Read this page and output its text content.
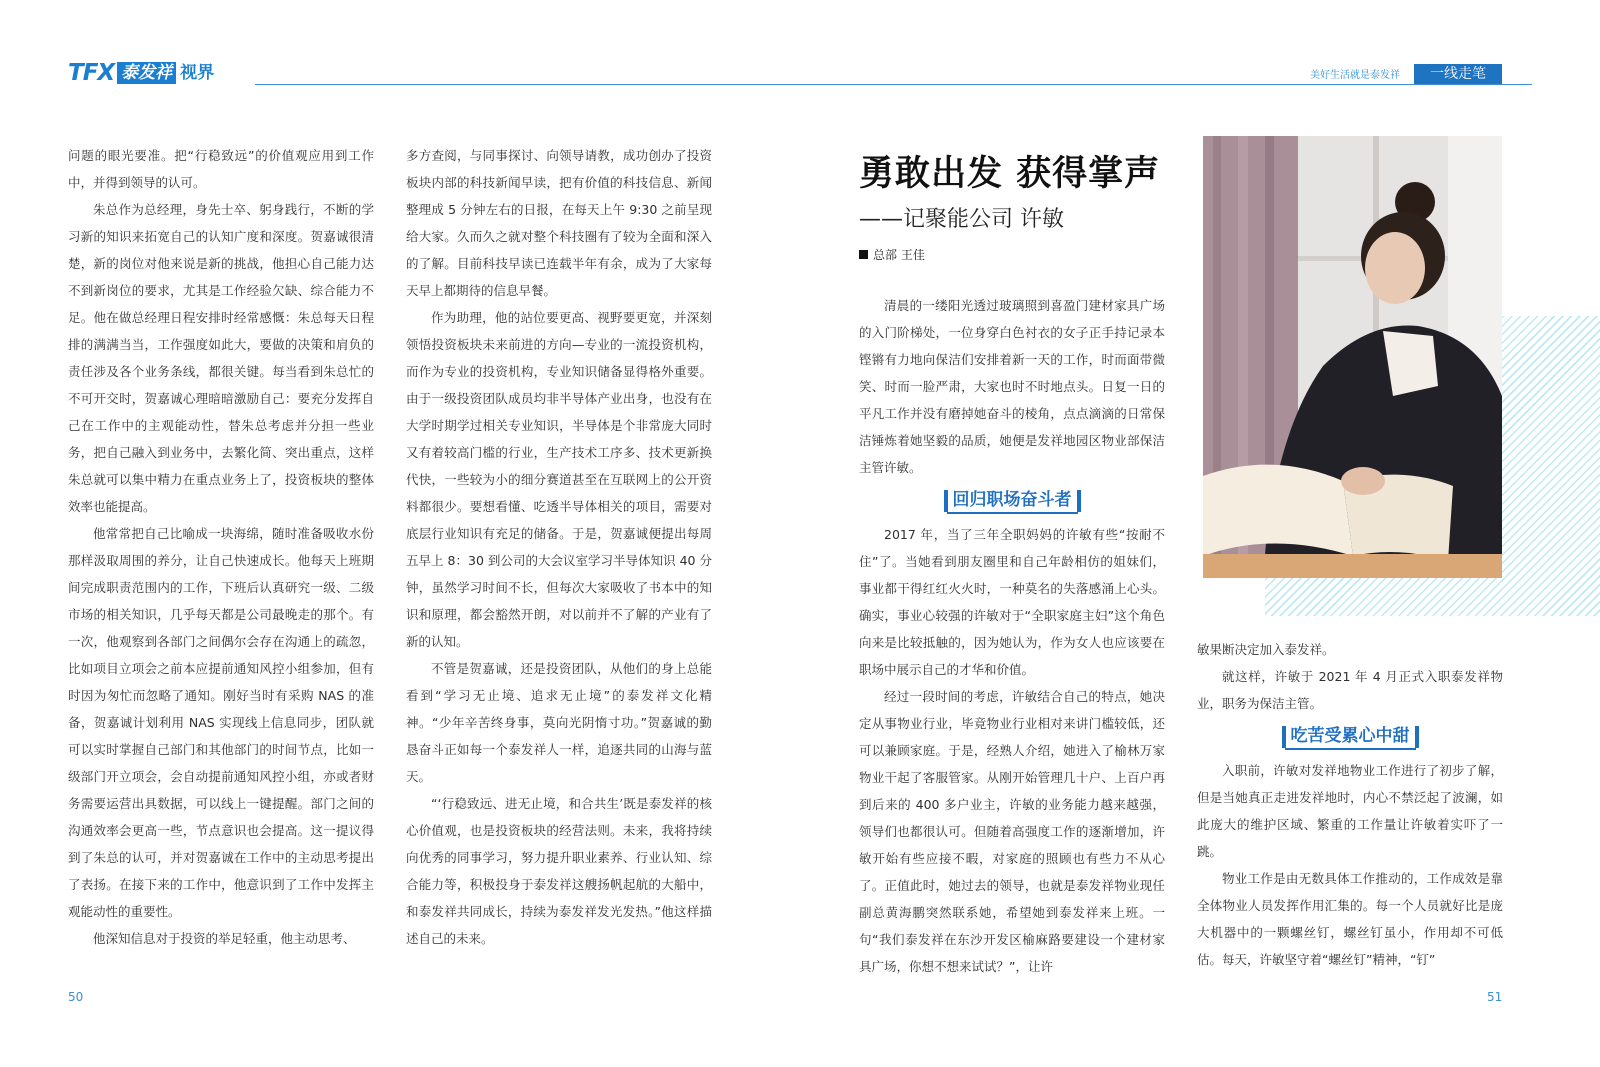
TFX 泰发祥 视界	美好生活就是泰发祥	一线走笔

问题的眼光要准。把“行稳致远”的价值观应用到工作中，并得到领导的认可。

朱总作为总经理，身先士卒、躬身践行，不断的学习新的知识来拓宽自己的认知广度和深度。贺嘉诚很清楚，新的岗位对他来说是新的挑战，他担心自己能力达不到新岗位的要求，尤其是工作经验欠缺、综合能力不足。他在做总经理日程安排时经常感慨：朱总每天日程排的满满当当，工作强度如此大，要做的决策和肩负的责任涉及各个业务条线，都很关键。每当看到朱总忙的不可开交时，贺嘉诚心理暗暗激励自己：要充分发挥自己在工作中的主观能动性，替朱总考虑并分担一些业务，把自己融入到业务中，去繁化简、突出重点，这样朱总就可以集中精力在重点业务上了，投资板块的整体效率也能提高。

他常常把自己比喻成一块海绵，随时准备吸收水份那样汲取周围的养分，让自己快速成长。他每天上班期间完成职责范围内的工作，下班后认真研究一级、二级市场的相关知识，几乎每天都是公司最晚走的那个。有一次，他观察到各部门之间偶尔会存在沟通上的疏忽，比如项目立项会之前本应提前通知风控小组参加，但有时因为匆忙而忽略了通知。刚好当时有采购 NAS 的准备，贺嘉诚计划利用 NAS 实现线上信息同步，团队就可以实时掌握自己部门和其他部门的时间节点，比如一级部门开立项会，会自动提前通知风控小组，亦或者财务需要运营出具数据，可以线上一键提醒。部门之间的沟通效率会更高一些，节点意识也会提高。这一提议得到了朱总的认可，并对贺嘉诚在工作中的主动思考提出了表扬。在接下来的工作中，他意识到了工作中发挥主观能动性的重要性。

他深知信息对于投资的举足轻重，他主动思考、

多方查阅，与同事探讨、向领导请教，成功创办了投资板块内部的科技新闻早读，把有价值的科技信息、新闻整理成 5 分钟左右的日报，在每天上午 9:30 之前呈现给大家。久而久之就对整个科技圈有了较为全面和深入的了解。目前科技早读已连载半年有余，成为了大家每天早上都期待的信息早餐。

作为助理，他的站位要更高、视野要更宽，并深刻领悟投资板块未来前进的方向—专业的一流投资机构，而作为专业的投资机构，专业知识储备显得格外重要。由于一级投资团队成员均非半导体产业出身，也没有在大学时期学过相关专业知识，半导体是个非常庞大同时又有着较高门槛的行业，生产技术工序多、技术更新换代快，一些较为小的细分赛道甚至在互联网上的公开资料都很少。要想看懂、吃透半导体相关的项目，需要对底层行业知识有充足的储备。于是，贺嘉诚便提出每周五早上 8：30 到公司的大会议室学习半导体知识 40 分钟，虽然学习时间不长，但每次大家吸收了书本中的知识和原理，都会豁然开朗，对以前并不了解的产业有了新的认知。

不管是贺嘉诚，还是投资团队，从他们的身上总能看到“学习无止境、追求无止境”的泰发祥文化精神。“少年辛苦终身事，莫向光阴惰寸功。”贺嘉诚的勤恳奋斗正如每一个泰发祥人一样，追逐共同的山海与蓝天。

“‘行稳致远、进无止境，和合共生’既是泰发祥的核心价值观，也是投资板块的经营法则。未来，我将持续向优秀的同事学习，努力提升职业素养、行业认知、综合能力等，积极投身于泰发祥这艘扬帆起航的大船中，和泰发祥共同成长，持续为泰发祥发光发热。”他这样描述自己的未来。

50
勇敢出发 获得掌声
——记聚能公司 许敏
总部 王佳

清晨的一缕阳光透过玻璃照到喜盈门建材家具广场的入门阶梯处，一位身穿白色衬衣的女子正手持记录本铿锵有力地向保洁们安排着新一天的工作，时而面带微笑、时而一脸严肃，大家也时不时地点头。日复一日的平凡工作并没有磨掉她奋斗的棱角，点点滴滴的日常保洁锤炼着她坚毅的品质，她便是发祥地园区物业部保洁主管许敏。

回归职场奋斗者

2017 年，当了三年全职妈妈的许敏有些“按耐不住”了。当她看到朋友圈里和自己年龄相仿的姐妹们，事业都干得红红火火时，一种莫名的失落感涌上心头。确实，事业心较强的许敏对于“全职家庭主妇”这个角色向来是比较抵触的，因为她认为，作为女人也应该要在职场中展示自己的才华和价值。

经过一段时间的考虑，许敏结合自己的特点，她决定从事物业行业，毕竟物业行业相对来讲门槛较低，还可以兼顾家庭。于是，经熟人介绍，她进入了榆林万家物业干起了客服管家。从刚开始管理几十户、上百户再到后来的 400 多户业主，许敏的业务能力越来越强，领导们也都很认可。但随着高强度工作的逐渐增加，许敏开始有些应接不暇，对家庭的照顾也有些力不从心了。正值此时，她过去的领导，也就是泰发祥物业现任副总黄海鹏突然联系她，希望她到泰发祥来上班。一句“我们泰发祥在东沙开发区榆麻路要建设一个建材家具广场，你想不想来试试？”，让许

敏果断决定加入泰发祥。

就这样，许敏于 2021 年 4 月正式入职泰发祥物业，职务为保洁主管。

吃苦受累心中甜

入职前，许敏对发祥地物业工作进行了初步了解，但是当她真正走进发祥地时，内心不禁泛起了波澜，如此庞大的维护区域、繁重的工作量让许敏着实吓了一跳。

物业工作是由无数具体工作推动的，工作成效是靠全体物业人员发挥作用汇集的。每一个人员就好比是庞大机器中的一颗螺丝钉，螺丝钉虽小，作用却不可低估。每天，许敏坚守着“螺丝钉”精神，“钉”

51
